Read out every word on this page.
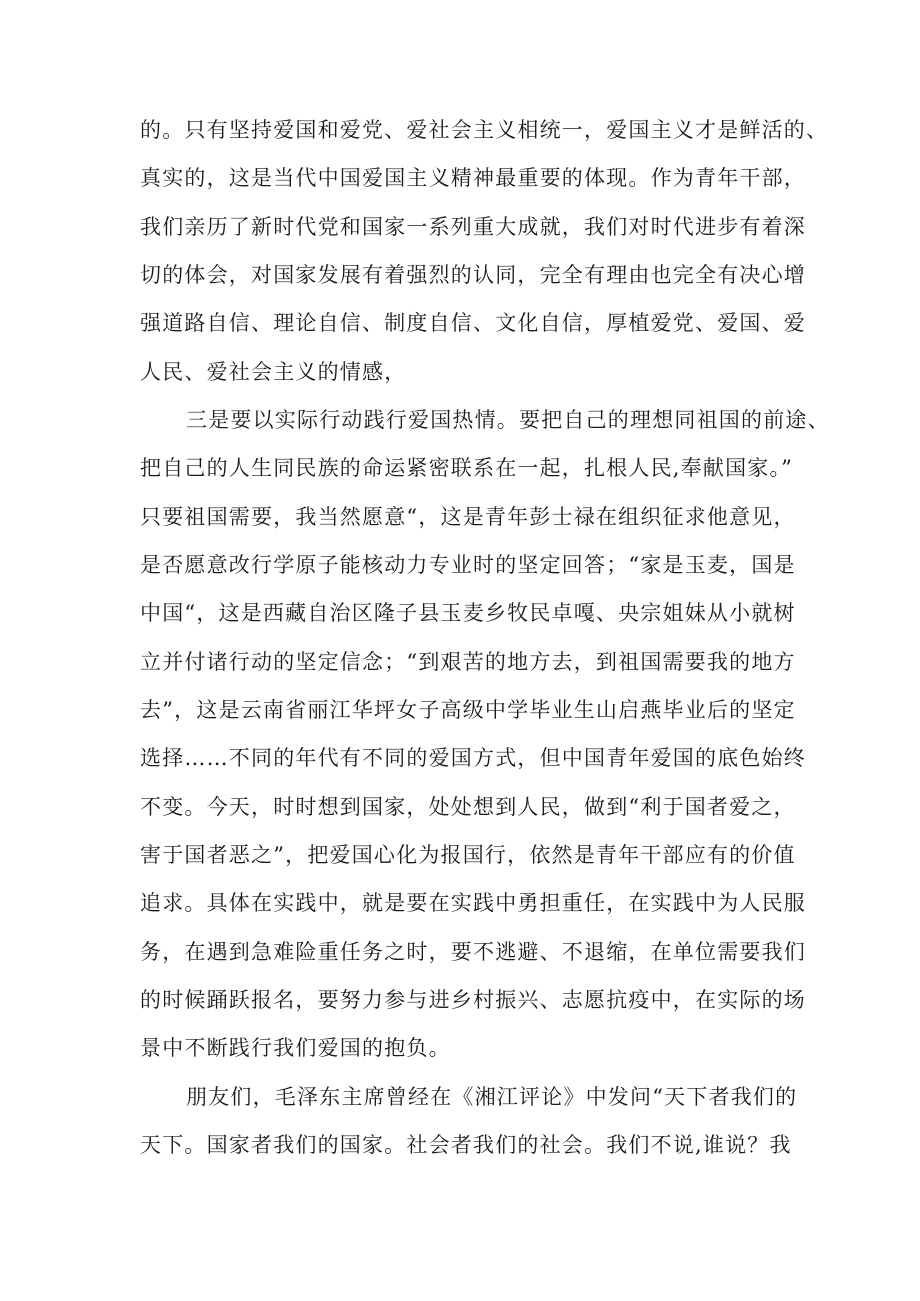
的。只有坚持爱国和爱党、爱社会主义相统一，爱国主义才是鲜活的、
真实的，这是当代中国爱国主义精神最重要的体现。作为青年干部，
我们亲历了新时代党和国家一系列重大成就，我们对时代进步有着深
切的体会，对国家发展有着强烈的认同，完全有理由也完全有决心增
强道路自信、理论自信、制度自信、文化自信，厚植爱党、爱国、爱
人民、爱社会主义的情感，
三是要以实际行动践行爱国热情。要把自己的理想同祖国的前途、
把自己的人生同民族的命运紧密联系在一起，扎根人民,奉献国家。”
只要祖国需要，我当然愿意“，这是青年彭士禄在组织征求他意见，
是否愿意改行学原子能核动力专业时的坚定回答；“家是玉麦，国是
中国“，这是西藏自治区隆子县玉麦乡牧民卓嘎、央宗姐妹从小就树
立并付诸行动的坚定信念；“到艰苦的地方去，到祖国需要我的地方
去”，这是云南省丽江华坪女子高级中学毕业生山启燕毕业后的坚定
选择……不同的年代有不同的爱国方式，但中国青年爱国的底色始终
不变。今天，时时想到国家，处处想到人民，做到“利于国者爱之，
害于国者恶之”，把爱国心化为报国行，依然是青年干部应有的价值
追求。具体在实践中，就是要在实践中勇担重任，在实践中为人民服
务，在遇到急难险重任务之时，要不逃避、不退缩，在单位需要我们
的时候踊跃报名，要努力参与进乡村振兴、志愿抗疫中，在实际的场
景中不断践行我们爱国的抱负。
朋友们，毛泽东主席曾经在《湘江评论》中发问“天下者我们的
天下。国家者我们的国家。社会者我们的社会。我们不说,谁说？我
